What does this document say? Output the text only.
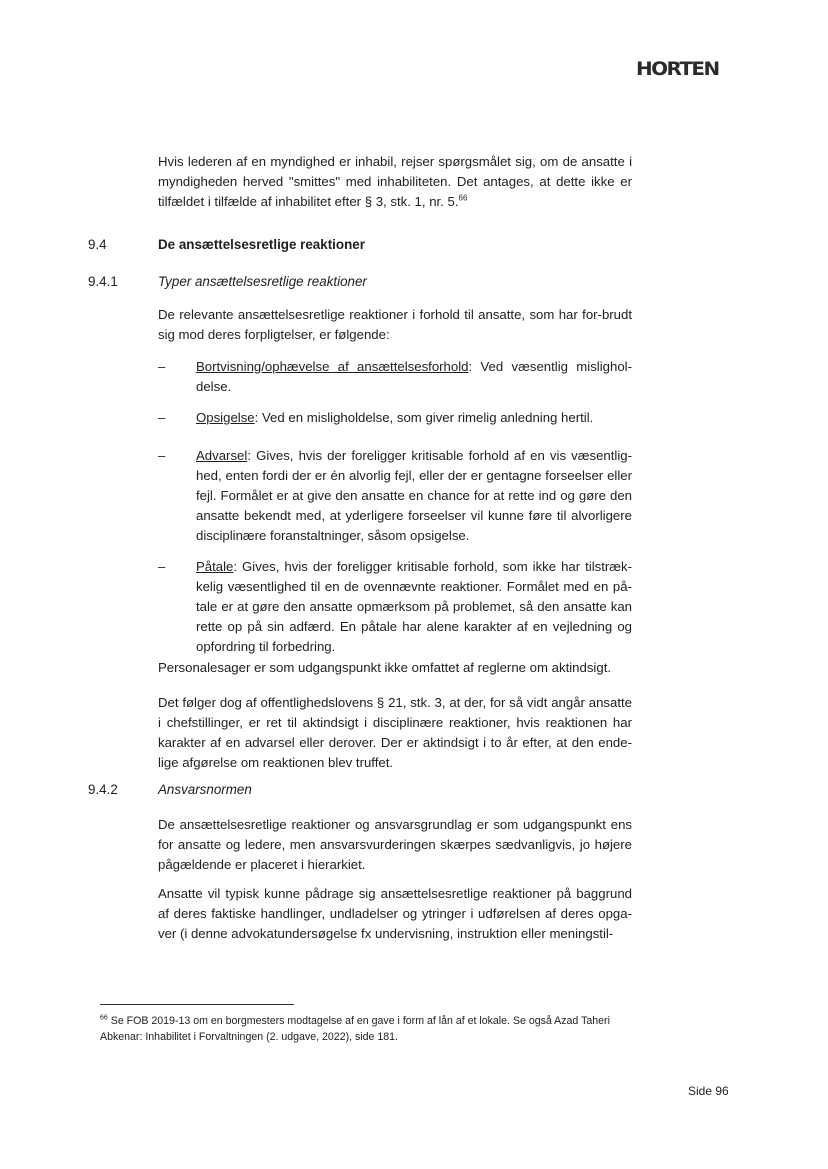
HORTEN
Hvis lederen af en myndighed er inhabil, rejser spørgsmålet sig, om de ansatte i myndigheden herved "smittes" med inhabiliteten. Det antages, at dette ikke er tilfældet i tilfælde af inhabilitet efter § 3, stk. 1, nr. 5.66
9.4	De ansættelsesretlige reaktioner
9.4.1	Typer ansættelsesretlige reaktioner
De relevante ansættelsesretlige reaktioner i forhold til ansatte, som har for-brudt sig mod deres forpligtelser, er følgende:
– Bortvisning/ophævelse af ansættelsesforhold: Ved væsentlig mislighol-delse.
– Opsigelse: Ved en misligholdelse, som giver rimelig anledning hertil.
– Advarsel: Gives, hvis der foreligger kritisable forhold af en vis væsentlig-hed, enten fordi der er én alvorlig fejl, eller der er gentagne forseelser eller fejl. Formålet er at give den ansatte en chance for at rette ind og gøre den ansatte bekendt med, at yderligere forseelser vil kunne føre til alvorligere disciplinære foranstaltninger, såsom opsigelse.
– Påtale: Gives, hvis der foreligger kritisable forhold, som ikke har tilstræk-kelig væsentlighed til en de ovennævnte reaktioner. Formålet med en på-tale er at gøre den ansatte opmærksom på problemet, så den ansatte kan rette op på sin adfærd. En påtale har alene karakter af en vejledning og opfordring til forbedring.
Personalesager er som udgangspunkt ikke omfattet af reglerne om aktindsigt.
Det følger dog af offentlighedslovens § 21, stk. 3, at der, for så vidt angår ansatte i chefstillinger, er ret til aktindsigt i disciplinære reaktioner, hvis reaktionen har karakter af en advarsel eller derover. Der er aktindsigt i to år efter, at den ende-lige afgørelse om reaktionen blev truffet.
9.4.2	Ansvarsnormen
De ansættelsesretlige reaktioner og ansvarsgrundlag er som udgangspunkt ens for ansatte og ledere, men ansvarsvurderingen skærpes sædvanligvis, jo højere pågældende er placeret i hierarkiet.
Ansatte vil typisk kunne pådrage sig ansættelsesretlige reaktioner på baggrund af deres faktiske handlinger, undladelser og ytringer i udførelsen af deres opga-ver (i denne advokatundersøgelse fx undervisning, instruktion eller meningstil-
$^{66}$ Se FOB 2019-13 om en borgmesters modtagelse af en gave i form af lån af et lokale. Se også Azad Taheri Abkenar: Inhabilitet i Forvaltningen (2. udgave, 2022), side 181.
Side 96
